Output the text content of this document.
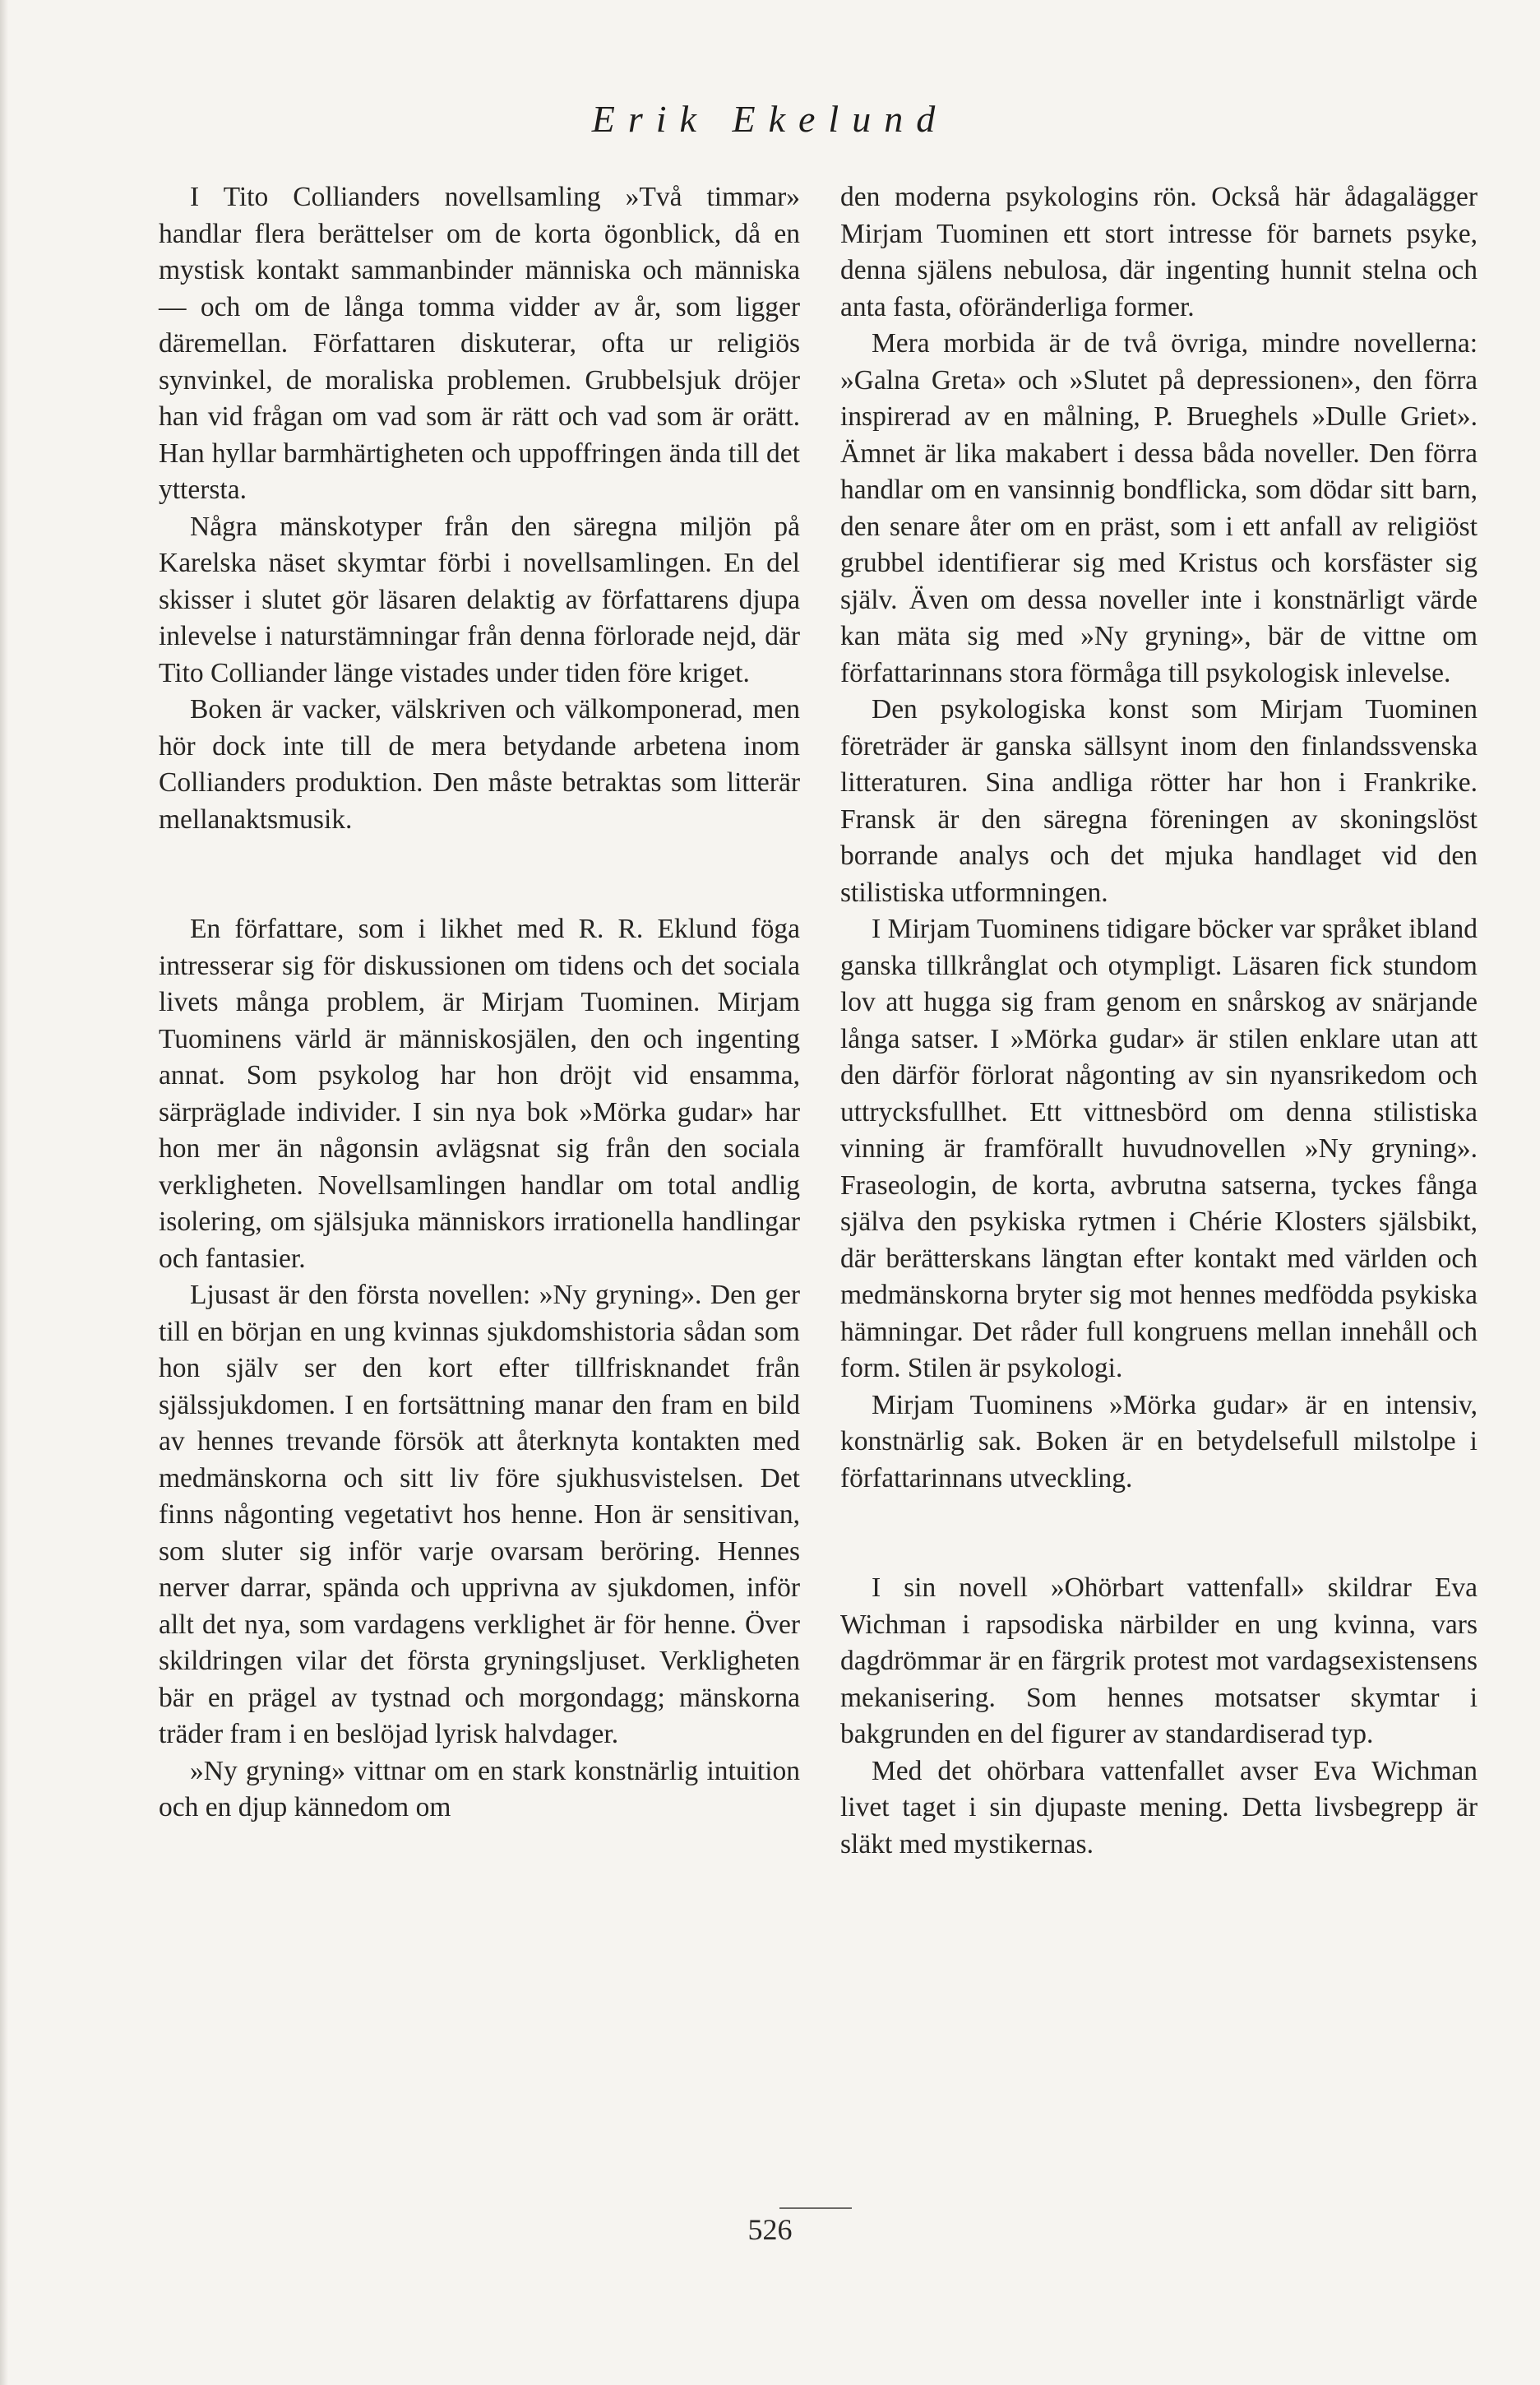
Erik Ekelund

I Tito Collianders novellsamling »Två timmar» handlar flera berättelser om de korta ögonblick, då en mystisk kontakt sammanbinder människa och människa — och om de långa tomma vidder av år, som ligger däremellan. Författaren diskuterar, ofta ur religiös synvinkel, de moraliska problemen. Grubbelsjuk dröjer han vid frågan om vad som är rätt och vad som är orätt. Han hyllar barmhärtigheten och uppoffringen ända till det yttersta.

Några mänskotyper från den säregna miljön på Karelska näset skymtar förbi i novellsamlingen. En del skisser i slutet gör läsaren delaktig av författarens djupa inlevelse i naturstämningar från denna förlorade nejd, där Tito Colliander länge vistades under tiden före kriget.

Boken är vacker, välskriven och välkomponerad, men hör dock inte till de mera betydande arbetena inom Collianders produktion. Den måste betraktas som litterär mellanaktsmusik.

En författare, som i likhet med R. R. Eklund föga intresserar sig för diskussionen om tidens och det sociala livets många problem, är Mirjam Tuominen. Mirjam Tuominens värld är människosjälen, den och ingenting annat. Som psykolog har hon dröjt vid ensamma, särpräglade individer. I sin nya bok »Mörka gudar» har hon mer än någonsin avlägsnat sig från den sociala verkligheten. Novellsamlingen handlar om total andlig isolering, om själsjuka människors irrationella handlingar och fantasier.

Ljusast är den första novellen: »Ny gryning». Den ger till en början en ung kvinnas sjukdomshistoria sådan som hon själv ser den kort efter tillfrisknandet från själssjukdomen. I en fortsättning manar den fram en bild av hennes trevande försök att återknyta kontakten med medmänskorna och sitt liv före sjukhusvistelsen. Det finns någonting vegetativt hos henne. Hon är sensitivan, som sluter sig inför varje ovarsam beröring. Hennes nerver darrar, spända och upprivna av sjukdomen, inför allt det nya, som vardagens verklighet är för henne. Över skildringen vilar det första gryningsljuset. Verkligheten bär en prägel av tystnad och morgondagg; mänskorna träder fram i en beslöjad lyrisk halvdager.

»Ny gryning» vittnar om en stark konstnärlig intuition och en djup kännedom om

den moderna psykologins rön. Också här ådagalägger Mirjam Tuominen ett stort intresse för barnets psyke, denna själens nebulosa, där ingenting hunnit stelna och anta fasta, oföränderliga former.

Mera morbida är de två övriga, mindre novellerna: »Galna Greta» och »Slutet på depressionen», den förra inspirerad av en målning, P. Brueghels »Dulle Griet». Ämnet är lika makabert i dessa båda noveller. Den förra handlar om en vansinnig bondflicka, som dödar sitt barn, den senare åter om en präst, som i ett anfall av religiöst grubbel identifierar sig med Kristus och korsfäster sig själv. Även om dessa noveller inte i konstnärligt värde kan mäta sig med »Ny gryning», bär de vittne om författarinnans stora förmåga till psykologisk inlevelse.

Den psykologiska konst som Mirjam Tuominen företräder är ganska sällsynt inom den finlandssvenska litteraturen. Sina andliga rötter har hon i Frankrike. Fransk är den säregna föreningen av skoningslöst borrande analys och det mjuka handlaget vid den stilistiska utformningen.

I Mirjam Tuominens tidigare böcker var språket ibland ganska tillkrånglat och otympligt. Läsaren fick stundom lov att hugga sig fram genom en snårskog av snärjande långa satser. I »Mörka gudar» är stilen enklare utan att den därför förlorat någonting av sin nyansrikedom och uttrycksfullhet. Ett vittnesbörd om denna stilistiska vinning är framförallt huvudnovellen »Ny gryning». Fraseologin, de korta, avbrutna satserna, tyckes fånga själva den psykiska rytmen i Chérie Klosters själsbikt, där berätterskans längtan efter kontakt med världen och medmänskorna bryter sig mot hennes medfödda psykiska hämningar. Det råder full kongruens mellan innehåll och form. Stilen är psykologi.

Mirjam Tuominens »Mörka gudar» är en intensiv, konstnärlig sak. Boken är en betydelsefull milstolpe i författarinnans utveckling.

I sin novell »Ohörbart vattenfall» skildrar Eva Wichman i rapsodiska närbilder en ung kvinna, vars dagdrömmar är en färgrik protest mot vardagsexistensens mekanisering. Som hennes motsatser skymtar i bakgrunden en del figurer av standardiserad typ.

Med det ohörbara vattenfallet avser Eva Wichman livet taget i sin djupaste mening. Detta livsbegrepp är släkt med mystikernas.

526
